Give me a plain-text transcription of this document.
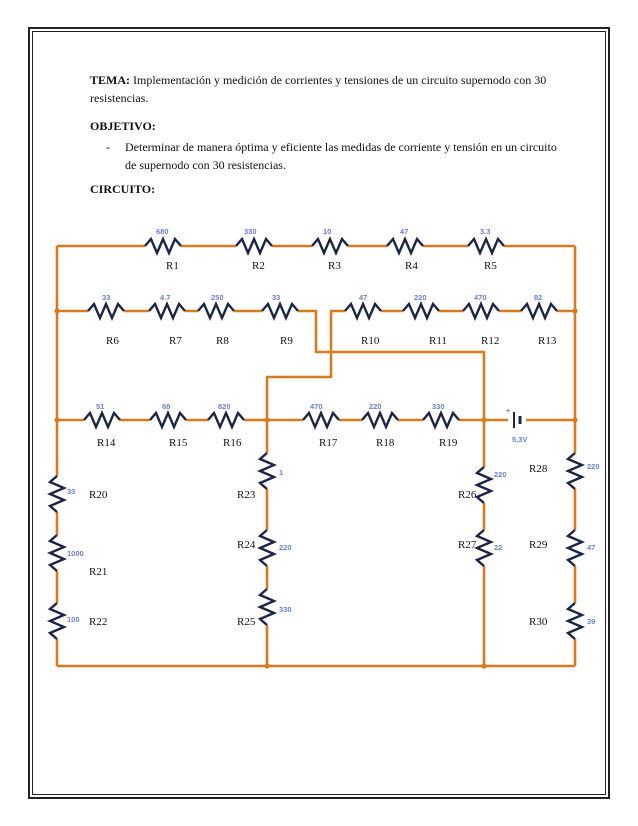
TEMA: Implementación y medición de corrientes y tensiones de un circuito supernodo con 30
resistencias.
OBJETIVO:
- Determinar de manera óptima y eficiente las medidas de corriente y tensión en un circuito
de supernodo con 30 resistencias.
CIRCUITO:
R1
680
R2
330
R3
10
R4
47
R5
3.3
R6
33
R7
4.7
R8
250
R9
33
R10
47
R11
220
R12
470
R13
82
R14
51
R15
68
R16
820
R17
470
R18
220
R19
330
R20
33
R21
1000
R22
100
R23
1
R24	220
R25
330
R26
220
R27 22
R28	220
R29	47
R30	39
+
5,3V
